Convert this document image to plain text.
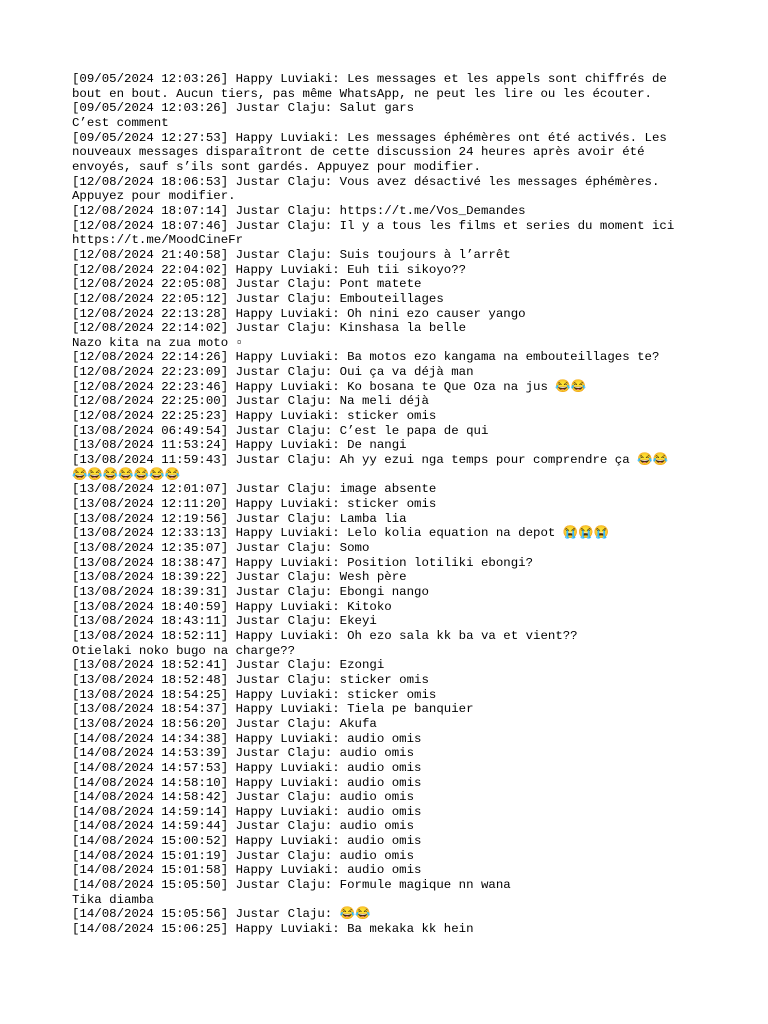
[09/05/2024 12:03:26] Happy Luviaki: Les messages et les appels sont chiffrés de

bout en bout. Aucun tiers, pas même WhatsApp, ne peut les lire ou les écouter.

[09/05/2024 12:03:26] Justar Claju: Salut gars

C’est comment

[09/05/2024 12:27:53] Happy Luviaki: Les messages éphémères ont été activés. Les

nouveaux messages disparaîtront de cette discussion 24 heures après avoir été

envoyés, sauf s’ils sont gardés. Appuyez pour modifier.

[12/08/2024 18:06:53] Justar Claju: Vous avez désactivé les messages éphémères.

Appuyez pour modifier.

[12/08/2024 18:07:14] Justar Claju: https://t.me/Vos_Demandes

[12/08/2024 18:07:46] Justar Claju: Il y a tous les films et series du moment ici

https://t.me/MoodCineFr

[12/08/2024 21:40:58] Justar Claju: Suis toujours à l’arrêt

[12/08/2024 22:04:02] Happy Luviaki: Euh tii sikoyo??

[12/08/2024 22:05:08] Justar Claju: Pont matete

[12/08/2024 22:05:12] Justar Claju: Embouteillages

[12/08/2024 22:13:28] Happy Luviaki: Oh nini ezo causer yango

[12/08/2024 22:14:02] Justar Claju: Kinshasa la belle

Nazo kita na zua moto ▫

[12/08/2024 22:14:26] Happy Luviaki: Ba motos ezo kangama na embouteillages te?

[12/08/2024 22:23:09] Justar Claju: Oui ça va déjà man

[12/08/2024 22:23:46] Happy Luviaki: Ko bosana te Que Oza na jus 😂😂

[12/08/2024 22:25:00] Justar Claju: Na meli déjà

[12/08/2024 22:25:23] Happy Luviaki: sticker omis

[13/08/2024 06:49:54] Justar Claju: C’est le papa de qui

[13/08/2024 11:53:24] Happy Luviaki: De nangi

[13/08/2024 11:59:43] Justar Claju: Ah yy ezui nga temps pour comprendre ça 😂😂

😂😂😂😂😂😂😂

[13/08/2024 12:01:07] Justar Claju: image absente

[13/08/2024 12:11:20] Happy Luviaki: sticker omis

[13/08/2024 12:19:56] Justar Claju: Lamba lia

[13/08/2024 12:33:13] Happy Luviaki: Lelo kolia equation na depot 😭😭😭

[13/08/2024 12:35:07] Justar Claju: Somo

[13/08/2024 18:38:47] Happy Luviaki: Position lotiliki ebongi?

[13/08/2024 18:39:22] Justar Claju: Wesh père

[13/08/2024 18:39:31] Justar Claju: Ebongi nango

[13/08/2024 18:40:59] Happy Luviaki: Kitoko

[13/08/2024 18:43:11] Justar Claju: Ekeyi

[13/08/2024 18:52:11] Happy Luviaki: Oh ezo sala kk ba va et vient??

Otielaki noko bugo na charge??

[13/08/2024 18:52:41] Justar Claju: Ezongi

[13/08/2024 18:52:48] Justar Claju: sticker omis

[13/08/2024 18:54:25] Happy Luviaki: sticker omis

[13/08/2024 18:54:37] Happy Luviaki: Tiela pe banquier

[13/08/2024 18:56:20] Justar Claju: Akufa

[14/08/2024 14:34:38] Happy Luviaki: audio omis

[14/08/2024 14:53:39] Justar Claju: audio omis

[14/08/2024 14:57:53] Happy Luviaki: audio omis

[14/08/2024 14:58:10] Happy Luviaki: audio omis

[14/08/2024 14:58:42] Justar Claju: audio omis

[14/08/2024 14:59:14] Happy Luviaki: audio omis

[14/08/2024 14:59:44] Justar Claju: audio omis

[14/08/2024 15:00:52] Happy Luviaki: audio omis

[14/08/2024 15:01:19] Justar Claju: audio omis

[14/08/2024 15:01:58] Happy Luviaki: audio omis

[14/08/2024 15:05:50] Justar Claju: Formule magique nn wana

Tika diamba

[14/08/2024 15:05:56] Justar Claju: 😂😂

[14/08/2024 15:06:25] Happy Luviaki: Ba mekaka kk hein
